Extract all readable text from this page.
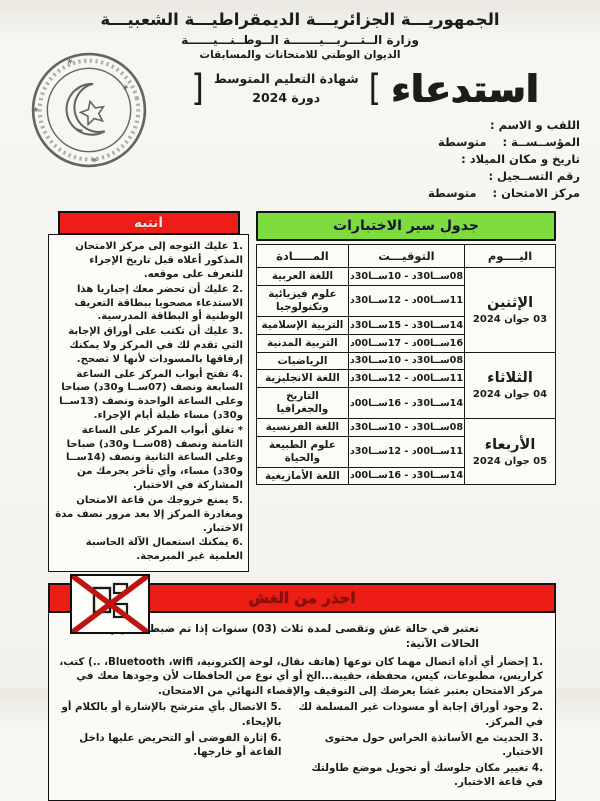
*
*
*
*
الجمهوريـــة الجزائريـــة الديمقراطيـــة الشعبيـــة
وزارة الــتـــربـــيـــــــة الــوطــنـــيــــــة
الديوان الوطني للامتحانات والمسابقات
استدعاء
]
شهادة التعليم المتوسط
دورة 2024
[
اللقب و الاسم :
المؤســســة :
متوسطة
تاريخ و مكان الميلاد :
رقم التســجيل :
مركز الامتحان :
متوسطة
جدول سير الاختبارات
اليــــوم	التوقيـــت	المـــــادة

الإثنين
03 جوان 2024	08ســا30د - 10ســا30د	اللغة العربية
	11ســا00د - 12ســا30د	علوم فيزيائية وتكنولوجيا
	14ســا30د - 15ســا30د	التربية الإسلامية
	16ســا00د - 17ســا00د	التربية المدنية

الثلاثاء
04 جوان 2024	08ســا30د - 10ســا30د	الرياضيات
	11ســا00د - 12ســا30د	اللغة الانجليزية
	14ســا30د - 16ســا00د	التاريخ والجغرافيا

الأربعاء
05 جوان 2024	08ســا30د - 10ســا30د	اللغة الفرنسية
	11ســا00د - 12ســا30د	علوم الطبيعة والحياة
	14ســا30د - 16ســا00د	اللغة الأمازيغية
انتبه
1. عليك التوجه إلى مركز الامتحان المذكور أعلاه قبل تاريخ الإجراء للتعرف على موقعه.
2. عليك أن تحضر معك إجباريا هذا الاستدعاء مصحوبا ببطاقة التعريف الوطنية أو البطاقة المدرسية.
3. عليك أن تكتب على أوراق الإجابة التي تقدم لك في المركز ولا يمكنك إرفاقها بالمسودات لأنها لا تصحح.
4. تفتح أبواب المركز على الساعة السابعة ونصف (07ســا و30د) صباحا وعلى الساعة الواحدة ونصف (13ســا و30د) مساء طيلة أيام الإجراء.
* تغلق أبواب المركز على الساعة الثامنة ونصف (08ســا و30د) صباحا وعلى الساعة الثانية ونصف (14ســا و30د) مساء، وأي تأخر يحرمك من المشاركة في الاختبار.
5. يمنع خروجك من قاعة الامتحان ومغادرة المركز إلا بعد مرور نصف مدة الاختبار.
6. يمكنك استعمال الآلة الحاسبة العلمية غير المبرمجة.
احذر من الغش
تعتبر في حالة غش وتقصى لمدة ثلاث (03) سنوات إذا تم ضبطك في إحدى الحالات الآتية:
1. إحضار أي أداة اتصال مهما كان نوعها (هاتف نقال، لوحة إلكترونية، Bluetooth ،wifi، ..) كتب، كراريس، مطبوعات، كيس، محفظة، حقيبة...الخ أو أي نوع من الحافظات لأن وجودها معك في مركز الامتحان يعتبر غشا يعرضك إلى التوقيف والإقصاء النهائي من الامتحان.
2. وجود أوراق إجابة أو مسودات غير المسلمة لك في المركز.
3. الحديث مع الأساتذة الحراس حول محتوى الاختبار.
4. تغيير مكان جلوسك أو تحويل موضع طاولتك في قاعة الاختبار.
5. الاتصال بأي مترشح بالإشارة أو بالكلام أو بالإيحاء.
6. إثارة الفوضى أو التحريض عليها داخل القاعة أو خارجها.
